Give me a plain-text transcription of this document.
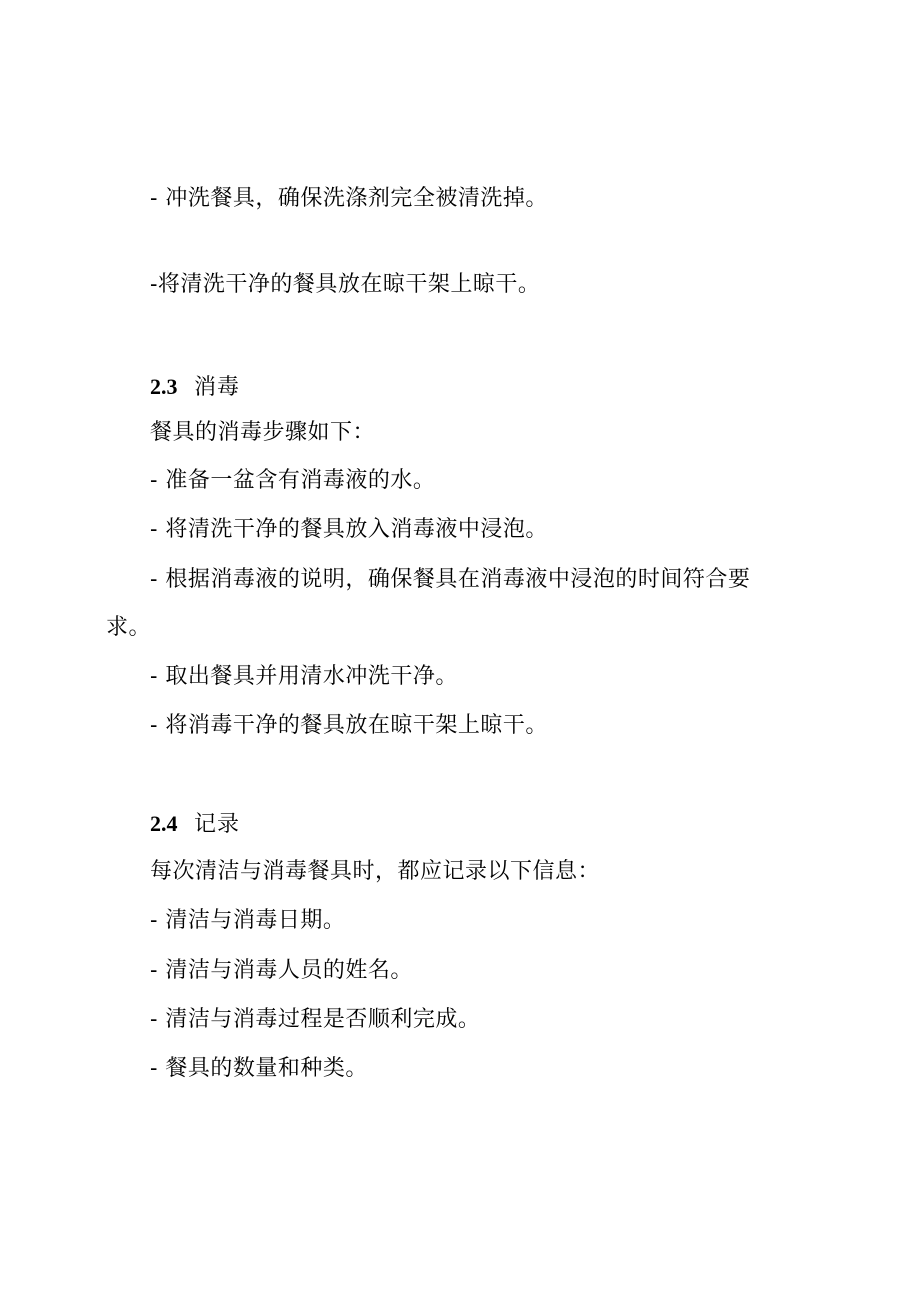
- 冲洗餐具，确保洗涤剂完全被清洗掉。
-将清洗干净的餐具放在晾干架上晾干。
2.3 消毒
餐具的消毒步骤如下：
- 准备一盆含有消毒液的水。
- 将清洗干净的餐具放入消毒液中浸泡。
- 根据消毒液的说明，确保餐具在消毒液中浸泡的时间符合要
求。
- 取出餐具并用清水冲洗干净。
- 将消毒干净的餐具放在晾干架上晾干。
2.4 记录
每次清洁与消毒餐具时，都应记录以下信息：
- 清洁与消毒日期。
- 清洁与消毒人员的姓名。
- 清洁与消毒过程是否顺利完成。
- 餐具的数量和种类。
